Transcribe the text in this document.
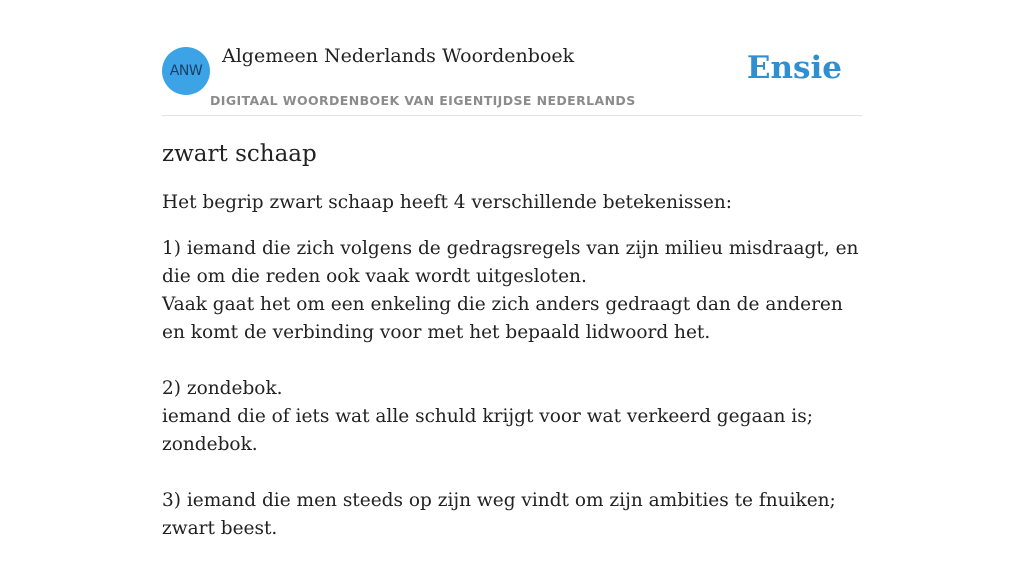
ANW
Algemeen Nederlands Woordenboek
DIGITAAL WOORDENBOEK VAN EIGENTIJDSE NEDERLANDS
Ensie
zwart schaap

Het begrip zwart schaap heeft 4 verschillende betekenissen:

1) iemand die zich volgens de gedragsregels van zijn milieu misdraagt, en die om die reden ook vaak wordt uitgesloten.
Vaak gaat het om een enkeling die zich anders gedraagt dan de anderen en komt de verbinding voor met het bepaald lidwoord het.

2) zondebok.
iemand die of iets wat alle schuld krijgt voor wat verkeerd gegaan is; zondebok.

3) iemand die men steeds op zijn weg vindt om zijn ambities te fnuiken; zwart beest.
